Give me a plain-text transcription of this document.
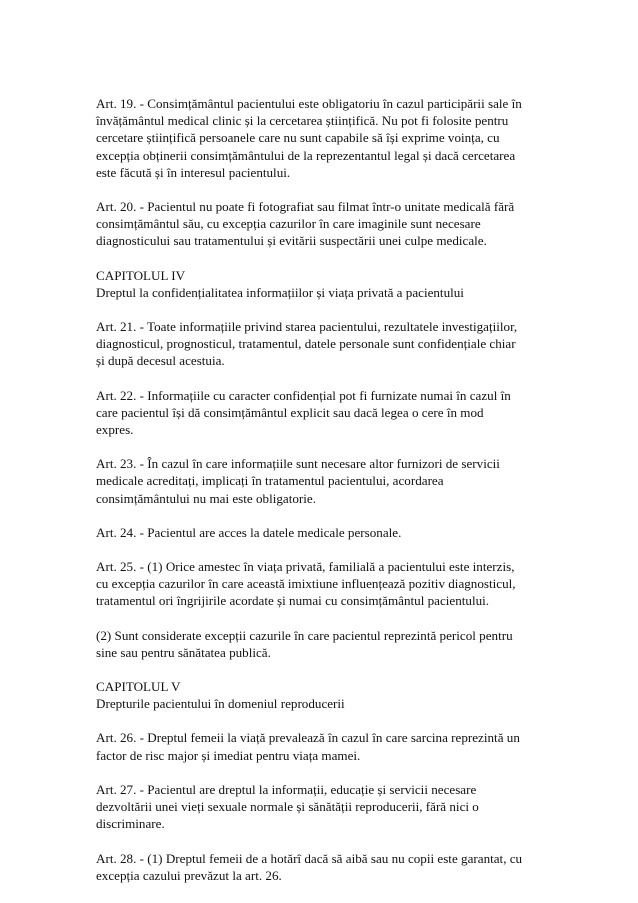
Art. 19. - Consimțământul pacientului este obligatoriu în cazul participării sale în
învățământul medical clinic și la cercetarea științifică. Nu pot fi folosite pentru
cercetare științifică persoanele care nu sunt capabile să își exprime voința, cu
excepția obținerii consimțământului de la reprezentantul legal și dacă cercetarea
este făcută și în interesul pacientului.

Art. 20. - Pacientul nu poate fi fotografiat sau filmat într-o unitate medicală fără
consimțământul său, cu excepția cazurilor în care imaginile sunt necesare
diagnosticului sau tratamentului și evitării suspectării unei culpe medicale.

CAPITOLUL IV
Dreptul la confidențialitatea informațiilor și viața privată a pacientului

Art. 21. - Toate informațiile privind starea pacientului, rezultatele investigațiilor,
diagnosticul, prognosticul, tratamentul, datele personale sunt confidențiale chiar
și după decesul acestuia.

Art. 22. - Informațiile cu caracter confidențial pot fi furnizate numai în cazul în
care pacientul își dă consimțământul explicit sau dacă legea o cere în mod
expres.

Art. 23. - În cazul în care informațiile sunt necesare altor furnizori de servicii
medicale acreditați, implicați în tratamentul pacientului, acordarea
consimțământului nu mai este obligatorie.

Art. 24. - Pacientul are acces la datele medicale personale.

Art. 25. - (1) Orice amestec în viața privată, familială a pacientului este interzis,
cu excepția cazurilor în care această imixtiune influențează pozitiv diagnosticul,
tratamentul ori îngrijirile acordate și numai cu consimțământul pacientului.

(2) Sunt considerate excepții cazurile în care pacientul reprezintă pericol pentru
sine sau pentru sănătatea publică.

CAPITOLUL V
Drepturile pacientului în domeniul reproducerii

Art. 26. - Dreptul femeii la viață prevalează în cazul în care sarcina reprezintă un
factor de risc major și imediat pentru viața mamei.

Art. 27. - Pacientul are dreptul la informații, educație și servicii necesare
dezvoltării unei vieți sexuale normale și sănătății reproducerii, fără nici o
discriminare.

Art. 28. - (1) Dreptul femeii de a hotărî dacă să aibă sau nu copii este garantat, cu
excepția cazului prevăzut la art. 26.
